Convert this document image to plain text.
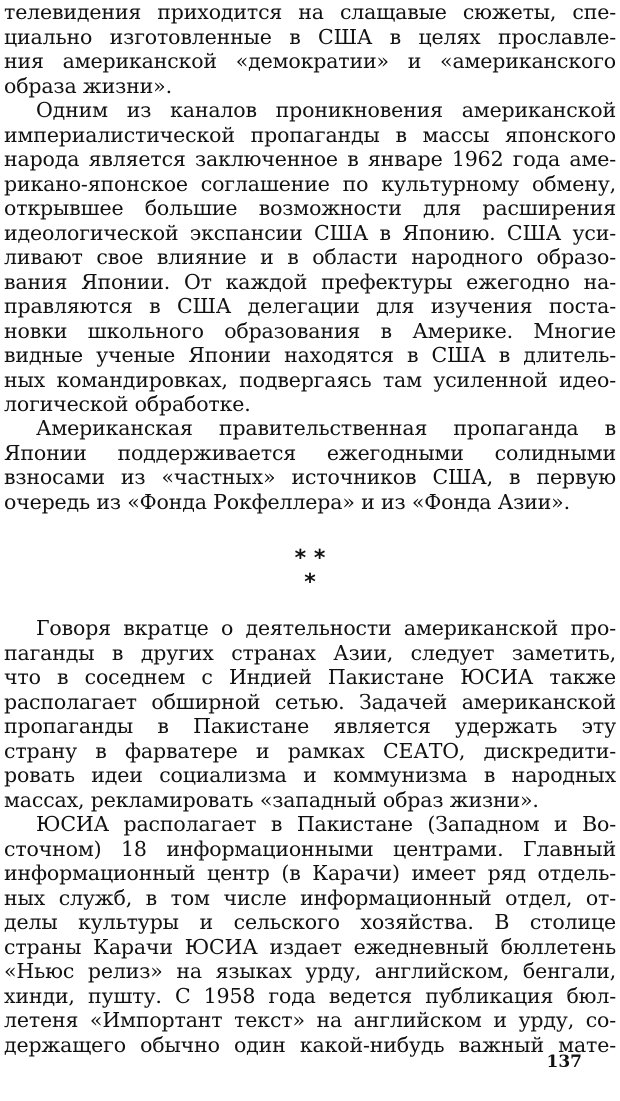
телевидения приходится на слащавые сюжеты, спе-
циально изготовленные в США в целях прославле-
ния американской «демократии» и «американского
образа жизни».
Одним из каналов проникновения американской
империалистической пропаганды в массы японского
народа является заключенное в январе 1962 года аме-
рикано-японское соглашение по культурному обмену,
открывшее большие возможности для расширения
идеологической экспансии США в Японию. США уси-
ливают свое влияние и в области народного образо-
вания Японии. От каждой префектуры ежегодно на-
правляются в США делегации для изучения поста-
новки школьного образования в Америке. Многие
видные ученые Японии находятся в США в длитель-
ных командировках, подвергаясь там усиленной идео-
логической обработке.
Американская правительственная пропаганда в
Японии поддерживается ежегодными солидными
взносами из «частных» источников США, в первую
очередь из «Фонда Рокфеллера» и из «Фонда Азии».
* *
*
Говоря вкратце о деятельности американской про-
паганды в других странах Азии, следует заметить,
что в соседнем с Индией Пакистане ЮСИА также
располагает обширной сетью. Задачей американской
пропаганды в Пакистане является удержать эту
страну в фарватере и рамках СЕАТО, дискредити-
ровать идеи социализма и коммунизма в народных
массах, рекламировать «западный образ жизни».
ЮСИА располагает в Пакистане (Западном и Во-
сточном) 18 информационными центрами. Главный
информационный центр (в Карачи) имеет ряд отдель-
ных служб, в том числе информационный отдел, от-
делы культуры и сельского хозяйства. В столице
страны Карачи ЮСИА издает ежедневный бюллетень
«Ньюс релиз» на языках урду, английском, бенгали,
хинди, пушту. С 1958 года ведется публикация бюл-
летеня «Импортант текст» на английском и урду, со-
держащего обычно один какой-нибудь важный мате-
137
